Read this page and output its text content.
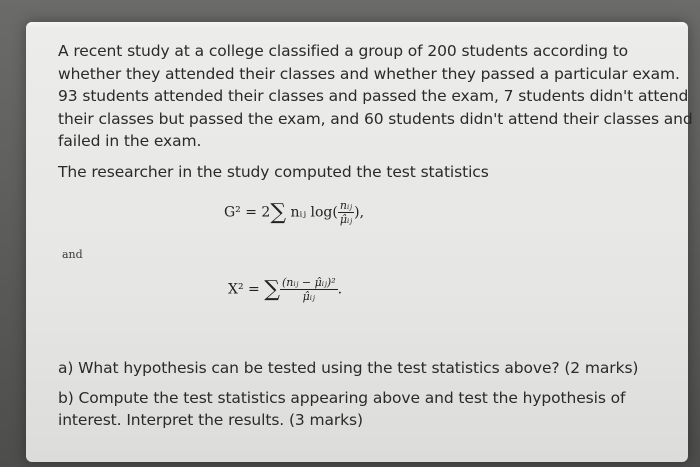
A recent study at a college classified a group of 200 students according to
whether they attended their classes and whether they passed a particular exam.
93 students attended their classes and passed the exam, 7 students didn't attend
their classes but passed the exam, and 60 students didn't attend their classes and
failed in the exam.
The researcher in the study computed the test statistics
G² = 2∑ nᵢⱼ $\log( \frac{\text{nᵢⱼ}}{\text{μ̂ᵢⱼ}}$ ),
and
X² = ∑ $\frac{\text{(nᵢⱼ − μ̂ᵢⱼ)²}}{\text{μ̂ᵢⱼ}}$ .
a) What hypothesis can be tested using the test statistics above? (2 marks)
b) Compute the test statistics appearing above and test the hypothesis of
interest. Interpret the results. (3 marks)
